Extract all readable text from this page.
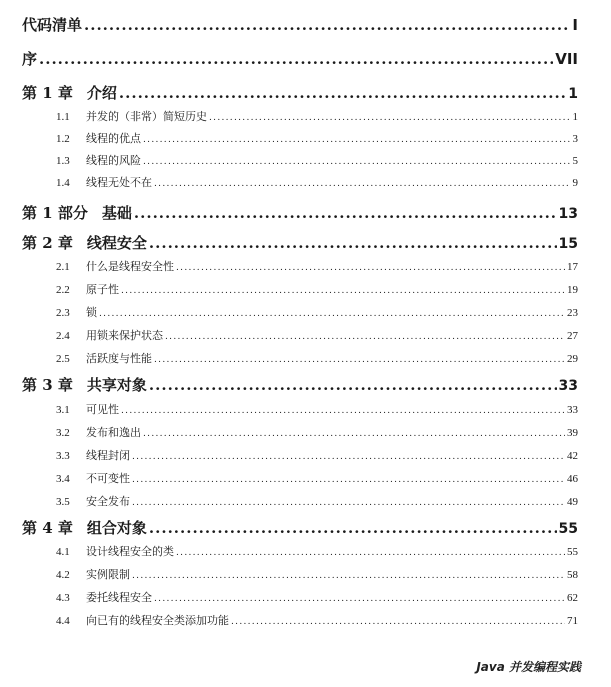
代码清单 .....	I
序 .....	VII
第 1 章 介绍 .....	1
1.1	并发的（非常）简短历史 .....	1
1.2	线程的优点 .....	3
1.3	线程的风险 .....	5
1.4	线程无处不在 .....	9
第 1 部分 基础 .....	13
第 2 章 线程安全 .....	15
2.1	什么是线程安全性 .....	17
2.2	原子性 .....	19
2.3	锁 .....	23
2.4	用锁来保护状态 .....	27
2.5	活跃度与性能 .....	29
第 3 章 共享对象 .....	33
3.1	可见性 .....	33
3.2	发布和逸出 .....	39
3.3	线程封闭 .....	42
3.4	不可变性 .....	46
3.5	安全发布 .....	49
第 4 章 组合对象 .....	55
4.1	设计线程安全的类 .....	55
4.2	实例限制 .....	58
4.3	委托线程安全 .....	62
4.4	向已有的线程安全类添加功能 .....	71
Java 并发编程实践
